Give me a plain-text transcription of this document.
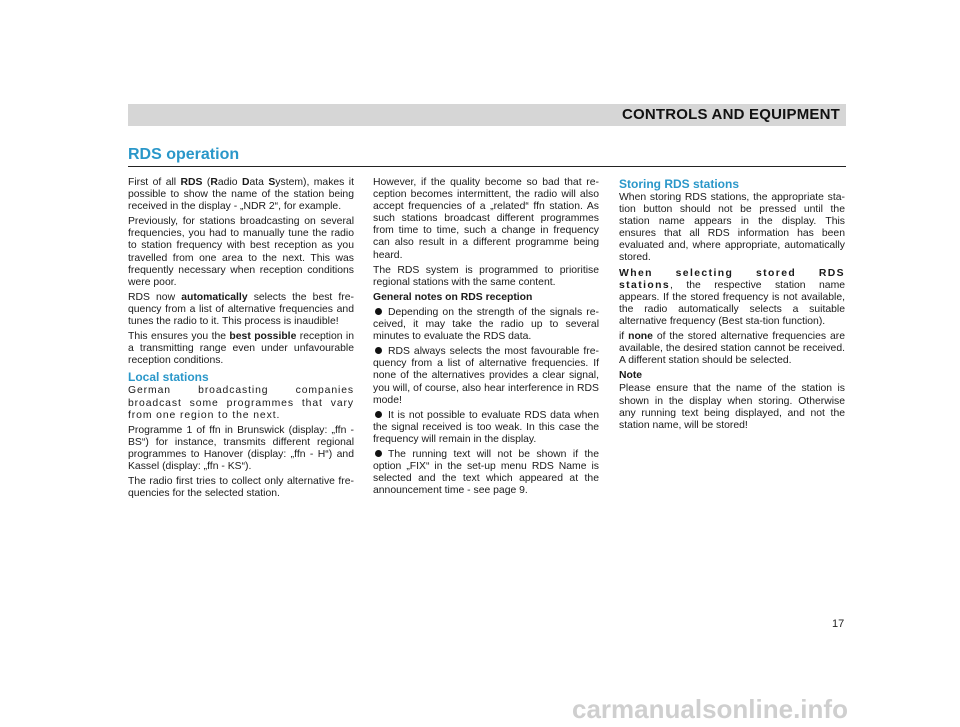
CONTROLS AND EQUIPMENT
RDS operation

First of all RDS (Radio Data System), makes it possible to show the name of the station being received in the display - „NDR 2“, for example.

Previously, for stations broadcasting on several frequencies, you had to manually tune the radio to station frequency with best reception as you travelled from one area to the next. This was frequently necessary when reception conditions were poor.

RDS now automatically selects the best fre-quency from a list of alternative frequencies and tunes the radio to it. This process is inaudible!

This ensures you the best possible reception in a transmitting range even under unfavourable reception conditions.

Local stations

German broadcasting companies broadcast some programmes that vary from one region to the next.

Programme 1 of ffn in Brunswick (display: „ffn - BS“) for instance, transmits different regional programmes to Hanover (display: „ffn - H“) and Kassel (display: „ffn - KS“).

The radio first tries to collect only alternative fre-quencies for the selected station.

However, if the quality become so bad that re-ception becomes intermittent, the radio will also accept frequencies of a „related“ ffn station. As such stations broadcast different programmes from time to time, such a change in frequency can also result in a different programme being heard.

The RDS system is programmed to prioritise regional stations with the same content.

General notes on RDS reception

Depending on the strength of the signals re-ceived, it may take the radio up to several minutes to evaluate the RDS data.

RDS always selects the most favourable fre-quency from a list of alternative frequencies. If none of the alternatives provides a clear signal, you will, of course, also hear interference in RDS mode!

It is not possible to evaluate RDS data when the signal received is too weak. In this case the frequency will remain in the display.

The running text will not be shown if the option „FIX“ in the set-up menu RDS Name is selected and the text which appeared at the announcement time - see page 9.

Storing RDS stations

When storing RDS stations, the appropriate sta-tion button should not be pressed until the station name appears in the display. This ensures that all RDS information has been evaluated and, where appropriate, automatically stored.

When selecting stored RDS stations, the respective station name appears. If the stored frequency is not available, the radio automatically selects a suitable alternative frequency (Best sta-tion function).

if none of the stored alternative frequencies are available, the desired station cannot be received. A different station should be selected.

Note

Please ensure that the name of the station is shown in the display when storing. Otherwise any running text being displayed, and not the station name, will be stored!

17
carmanualsonline.info
